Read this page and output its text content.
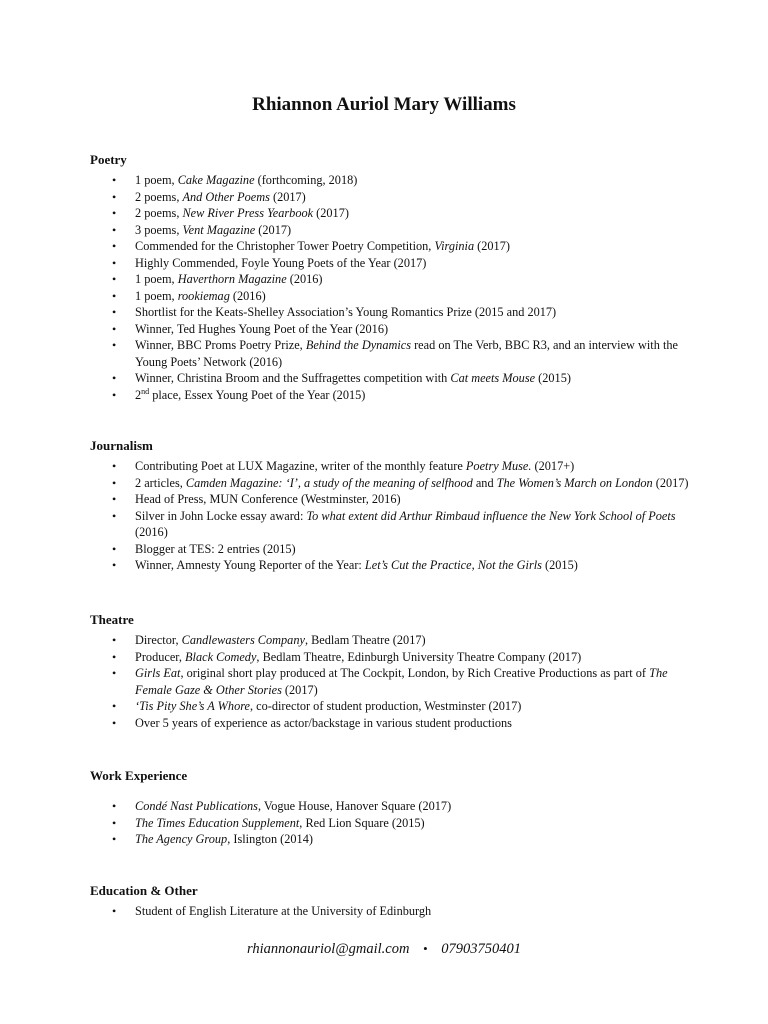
Rhiannon Auriol Mary Williams
Poetry
• 1 poem, Cake Magazine (forthcoming, 2018)
• 2 poems, And Other Poems (2017)
• 2 poems, New River Press Yearbook (2017)
• 3 poems, Vent Magazine (2017)
• Commended for the Christopher Tower Poetry Competition, Virginia (2017)
• Highly Commended, Foyle Young Poets of the Year (2017)
• 1 poem, Haverthorn Magazine (2016)
• 1 poem, rookiemag (2016)
• Shortlist for the Keats-Shelley Association’s Young Romantics Prize (2015 and 2017)
• Winner, Ted Hughes Young Poet of the Year (2016)
• Winner, BBC Proms Poetry Prize, Behind the Dynamics read on The Verb, BBC R3, and an interview with the Young Poets’ Network (2016)
• Winner, Christina Broom and the Suffragettes competition with Cat meets Mouse (2015)
• 2nd place, Essex Young Poet of the Year (2015)
Journalism
• Contributing Poet at LUX Magazine, writer of the monthly feature Poetry Muse. (2017+)
• 2 articles, Camden Magazine: ‘I’, a study of the meaning of selfhood and The Women’s March on London (2017)
• Head of Press, MUN Conference (Westminster, 2016)
• Silver in John Locke essay award: To what extent did Arthur Rimbaud influence the New York School of Poets (2016)
• Blogger at TES: 2 entries (2015)
• Winner, Amnesty Young Reporter of the Year: Let’s Cut the Practice, Not the Girls (2015)
Theatre
• Director, Candlewasters Company, Bedlam Theatre (2017)
• Producer, Black Comedy, Bedlam Theatre, Edinburgh University Theatre Company (2017)
• Girls Eat, original short play produced at The Cockpit, London, by Rich Creative Productions as part of The Female Gaze & Other Stories (2017)
• ‘Tis Pity She’s A Whore, co-director of student production, Westminster (2017)
• Over 5 years of experience as actor/backstage in various student productions
Work Experience
• Condé Nast Publications, Vogue House, Hanover Square (2017)
• The Times Education Supplement, Red Lion Square (2015)
• The Agency Group, Islington (2014)
Education & Other
• Student of English Literature at the University of Edinburgh
rhiannonauriol@gmail.com • 07903750401
